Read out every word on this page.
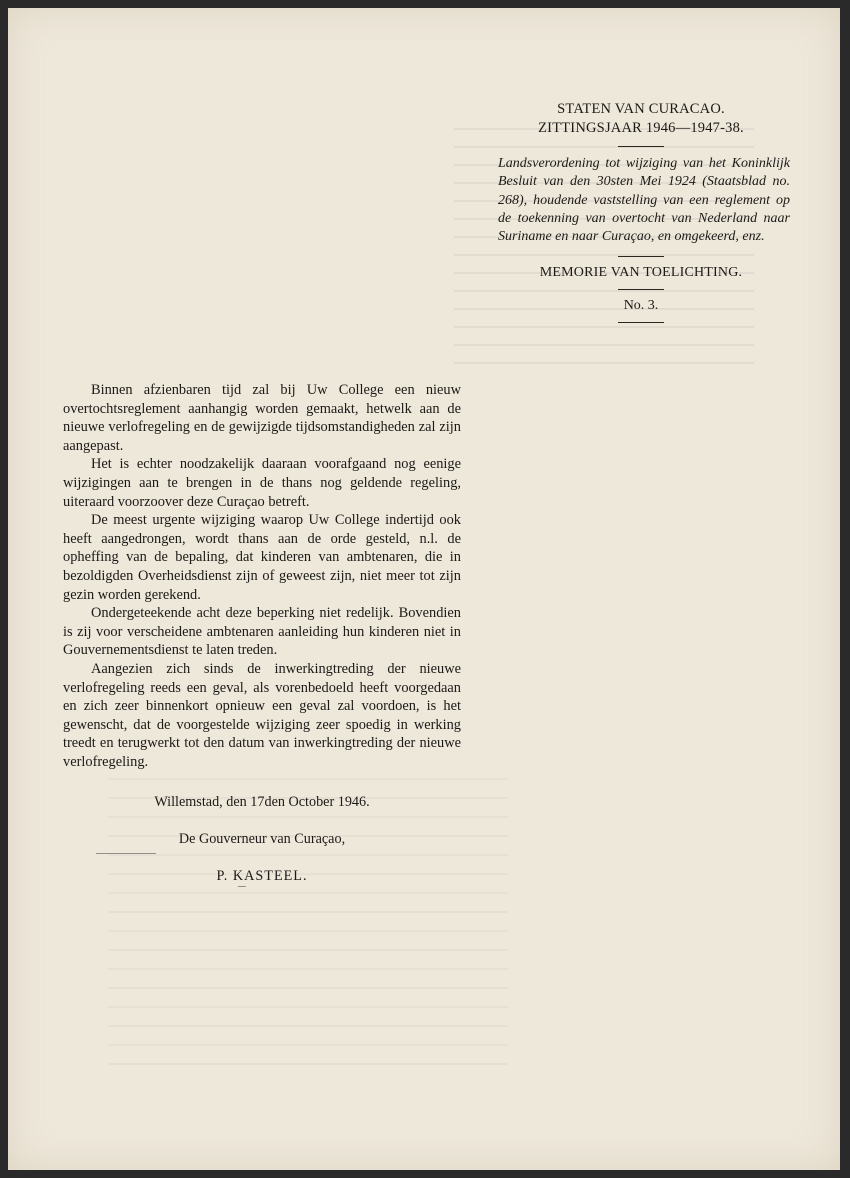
STATEN VAN CURACAO.
ZITTINGSJAAR 1946—1947-38.
Landsverordening tot wijziging van het Koninklijk Besluit van den 30sten Mei 1924 (Staatsblad no. 268), houdende vaststelling van een reglement op de toekenning van overtocht van Nederland naar Suriname en naar Curaçao, en omgekeerd, enz.
MEMORIE VAN TOELICHTING.
No. 3.

Binnen afzienbaren tijd zal bij Uw College een nieuw overtochtsreglement aanhangig worden gemaakt, hetwelk aan de nieuwe verlofregeling en de gewijzigde tijdsomstandigheden zal zijn aangepast.

Het is echter noodzakelijk daaraan voorafgaand nog eenige wijzigingen aan te brengen in de thans nog geldende regeling, uiteraard voorzoover deze Curaçao betreft.

De meest urgente wijziging waarop Uw College indertijd ook heeft aangedrongen, wordt thans aan de orde gesteld, n.l. de opheffing van de bepaling, dat kinderen van ambtenaren, die in bezoldigden Overheidsdienst zijn of geweest zijn, niet meer tot zijn gezin worden gerekend.

Ondergeteekende acht deze beperking niet redelijk. Bovendien is zij voor verscheidene ambtenaren aanleiding hun kinderen niet in Gouvernementsdienst te laten treden.

Aangezien zich sinds de inwerkingtreding der nieuwe verlofregeling reeds een geval, als vorenbedoeld heeft voorgedaan en zich zeer binnenkort opnieuw een geval zal voordoen, is het gewenscht, dat de voorgestelde wijziging zeer spoedig in werking treedt en terugwerkt tot den datum van inwerkingtreding der nieuwe verlofregeling.

Willemstad, den 17den October 1946.
De Gouverneur van Curaçao,
P. KASTEEL.
